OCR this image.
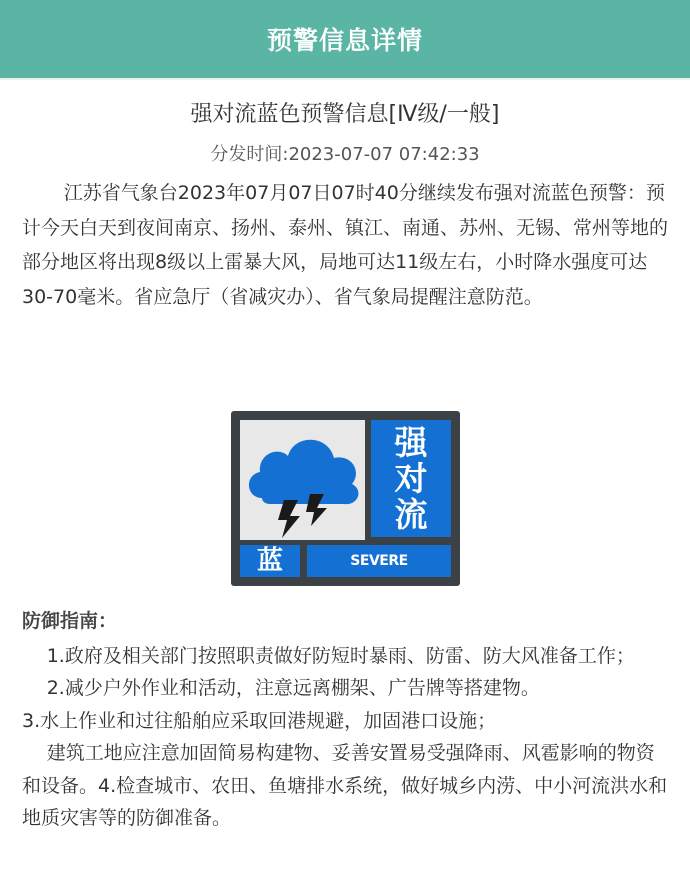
预警信息详情
强对流蓝色预警信息[Ⅳ级/一般]
分发时间:2023-07-07 07:42:33
江苏省气象台2023年07月07日07时40分继续发布强对流蓝色预警：预计今天白天到夜间南京、扬州、泰州、镇江、南通、苏州、无锡、常州等地的部分地区将出现8级以上雷暴大风，局地可达11级左右，小时降水强度可达30-70毫米。省应急厅（省减灾办）、省气象局提醒注意防范。
强
对
流
蓝	SEVERE CONVECTION
防御指南：

1.政府及相关部门按照职责做好防短时暴雨、防雷、防大风准备工作；

2.减少户外作业和活动，注意远离棚架、广告牌等搭建物。

3.水上作业和过往船舶应采取回港规避，加固港口设施；

建筑工地应注意加固简易构建物、妥善安置易受强降雨、风雹影响的物资和设备。4.检查城市、农田、鱼塘排水系统，做好城乡内涝、中小河流洪水和地质灾害等的防御准备。
